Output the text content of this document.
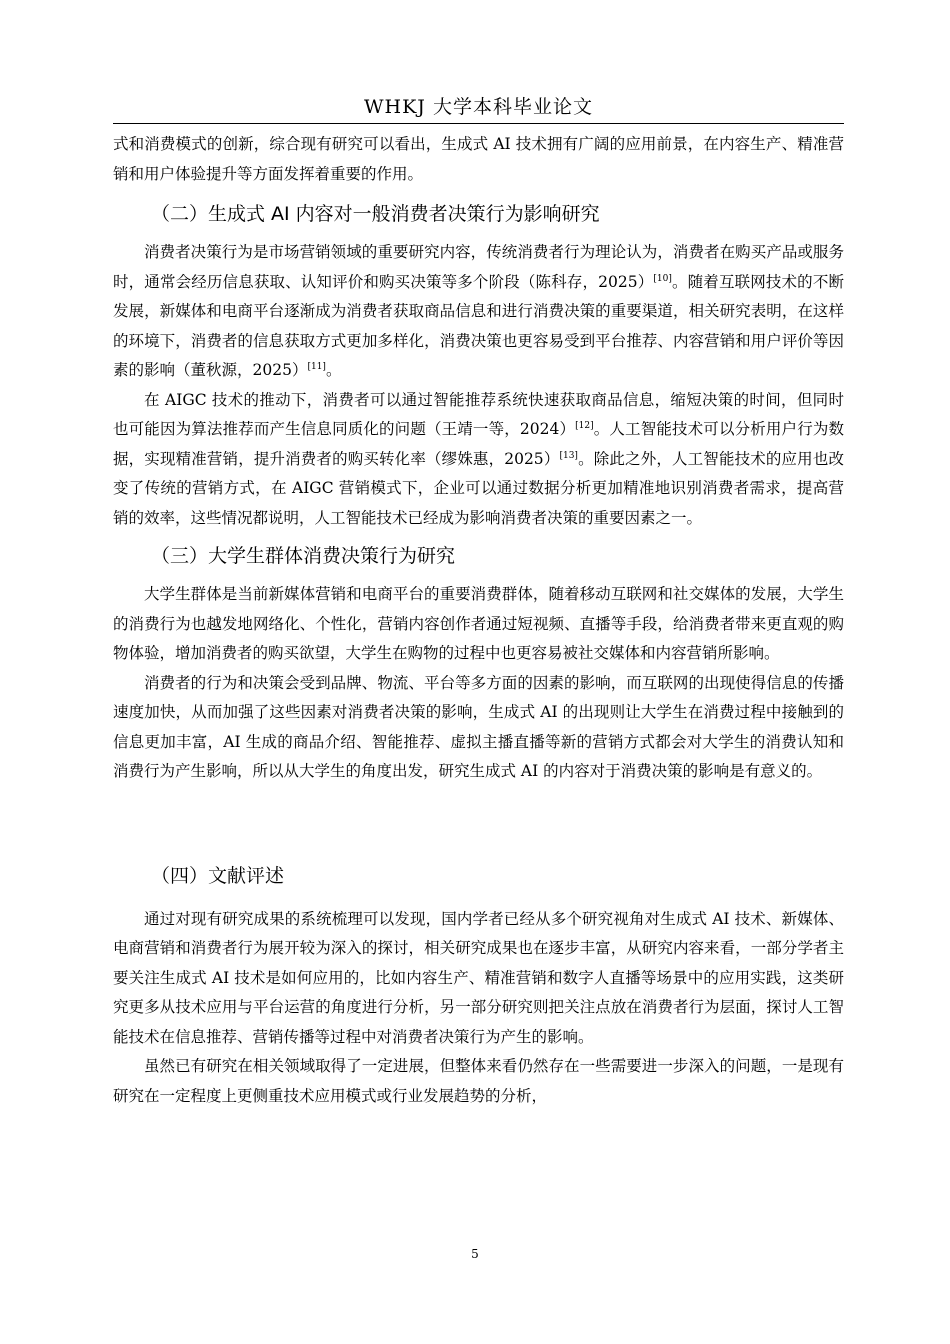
WHKJ 大学本科毕业论文

式和消费模式的创新，综合现有研究可以看出，生成式 AI 技术拥有广阔的应用前景，在内容生产、精准营销和用户体验提升等方面发挥着重要的作用。

（二）生成式 AI 内容对一般消费者决策行为影响研究

消费者决策行为是市场营销领域的重要研究内容，传统消费者行为理论认为，消费者在购买产品或服务时，通常会经历信息获取、认知评价和购买决策等多个阶段（陈科存，2025）[10]。随着互联网技术的不断发展，新媒体和电商平台逐渐成为消费者获取商品信息和进行消费决策的重要渠道，相关研究表明，在这样的环境下，消费者的信息获取方式更加多样化，消费决策也更容易受到平台推荐、内容营销和用户评价等因素的影响（董秋源，2025）[11]。

在 AIGC 技术的推动下，消费者可以通过智能推荐系统快速获取商品信息，缩短决策的时间，但同时也可能因为算法推荐而产生信息同质化的问题（王靖一等，2024）[12]。人工智能技术可以分析用户行为数据，实现精准营销，提升消费者的购买转化率（缪姝惠，2025）[13]。除此之外，人工智能技术的应用也改变了传统的营销方式，在 AIGC 营销模式下，企业可以通过数据分析更加精准地识别消费者需求，提高营销的效率，这些情况都说明，人工智能技术已经成为影响消费者决策的重要因素之一。

（三）大学生群体消费决策行为研究

大学生群体是当前新媒体营销和电商平台的重要消费群体，随着移动互联网和社交媒体的发展，大学生的消费行为也越发地网络化、个性化，营销内容创作者通过短视频、直播等手段，给消费者带来更直观的购物体验，增加消费者的购买欲望，大学生在购物的过程中也更容易被社交媒体和内容营销所影响。

消费者的行为和决策会受到品牌、物流、平台等多方面的因素的影响，而互联网的出现使得信息的传播速度加快，从而加强了这些因素对消费者决策的影响，生成式 AI 的出现则让大学生在消费过程中接触到的信息更加丰富，AI 生成的商品介绍、智能推荐、虚拟主播直播等新的营销方式都会对大学生的消费认知和消费行为产生影响，所以从大学生的角度出发，研究生成式 AI 的内容对于消费决策的影响是有意义的。

（四）文献评述

通过对现有研究成果的系统梳理可以发现，国内学者已经从多个研究视角对生成式 AI 技术、新媒体、电商营销和消费者行为展开较为深入的探讨，相关研究成果也在逐步丰富，从研究内容来看，一部分学者主要关注生成式 AI 技术是如何应用的，比如内容生产、精准营销和数字人直播等场景中的应用实践，这类研究更多从技术应用与平台运营的角度进行分析，另一部分研究则把关注点放在消费者行为层面，探讨人工智能技术在信息推荐、营销传播等过程中对消费者决策行为产生的影响。

虽然已有研究在相关领域取得了一定进展，但整体来看仍然存在一些需要进一步深入的问题，一是现有研究在一定程度上更侧重技术应用模式或行业发展趋势的分析，

5
